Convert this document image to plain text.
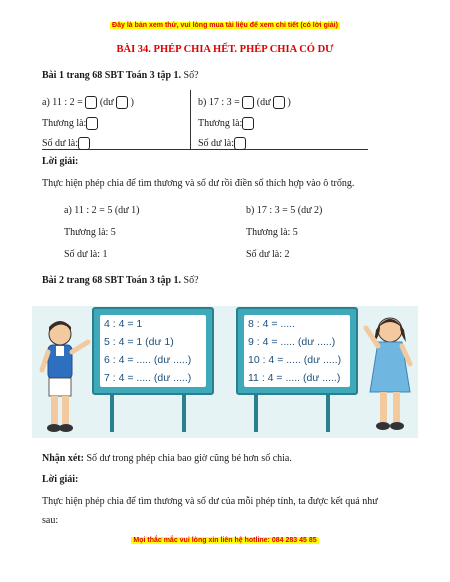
Đây là bản xem thử, vui lòng mua tài liệu để xem chi tiết (có lời giải)
BÀI 34. PHÉP CHIA HẾT. PHÉP CHIA CÓ DƯ
Bài 1 trang 68 SBT Toán 3 tập 1. Số?
a) 11 : 2 =  (dư  )	b) 17 : 3 =  (dư  )
Thương là:	Thương là:
Số dư là:	Số dư là:
Lời giải:
Thực hiện phép chia để tìm thương và số dư rồi điền số thích hợp vào ô trống.
a) 11 : 2 = 5 (dư 1)	b) 17 : 3 = 5 (dư 2)
Thương là: 5	Thương là: 5
Số dư là: 1	Số dư là: 2
Bài 2 trang 68 SBT Toán 3 tập 1. Số?
4 : 4 = 1
5 : 4 = 1 (dư 1)
6 : 4 = ..... (dư .....)
7 : 4 = ..... (dư .....)
8 : 4 = .....
9 : 4 = ..... (dư .....)
10 : 4 = ..... (dư .....)
11 : 4 = ..... (dư .....)
Nhận xét: Số dư trong phép chia bao giờ cũng bé hơn số chia.
Lời giải:
Thực hiện phép chia để tìm thương và số dư của mỗi phép tính, ta được kết quả như
sau:
Mọi thắc mắc vui lòng xin liên hệ hotline: 084 283 45 85
